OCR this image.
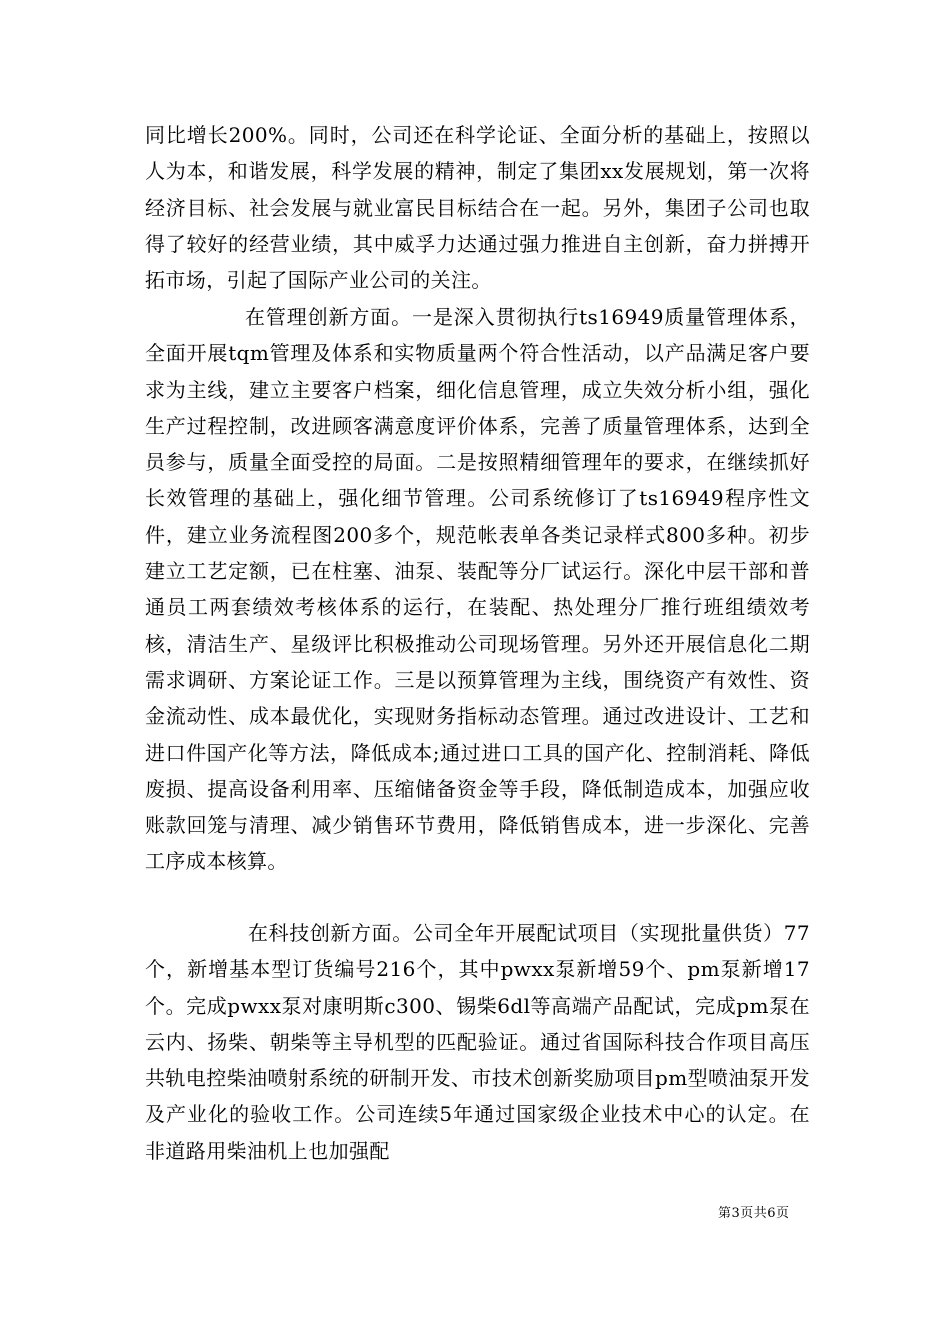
同比增长200%。同时，公司还在科学论证、全面分析的基础上，按照以人为本，和谐发展，科学发展的精神，制定了集团xx发展规划，第一次将经济目标、社会发展与就业富民目标结合在一起。另外，集团子公司也取得了较好的经营业绩，其中威孚力达通过强力推进自主创新，奋力拼搏开拓市场，引起了国际产业公司的关注。

在管理创新方面。一是深入贯彻执行ts16949质量管理体系，全面开展tqm管理及体系和实物质量两个符合性活动，以产品满足客户要求为主线，建立主要客户档案，细化信息管理，成立失效分析小组，强化生产过程控制，改进顾客满意度评价体系，完善了质量管理体系，达到全员参与，质量全面受控的局面。二是按照精细管理年的要求，在继续抓好长效管理的基础上，强化细节管理。公司系统修订了ts16949程序性文件，建立业务流程图200多个，规范帐表单各类记录样式800多种。初步建立工艺定额，已在柱塞、油泵、装配等分厂试运行。深化中层干部和普通员工两套绩效考核体系的运行，在装配、热处理分厂推行班组绩效考核，清洁生产、星级评比积极推动公司现场管理。另外还开展信息化二期需求调研、方案论证工作。三是以预算管理为主线，围绕资产有效性、资金流动性、成本最优化，实现财务指标动态管理。通过改进设计、工艺和进口件国产化等方法，降低成本;通过进口工具的国产化、控制消耗、降低废损、提高设备利用率、压缩储备资金等手段，降低制造成本，加强应收账款回笼与清理、减少销售环节费用，降低销售成本，进一步深化、完善工序成本核算。

在科技创新方面。公司全年开展配试项目（实现批量供货）77个，新增基本型订货编号216个，其中pwxx泵新增59个、pm泵新增17个。完成pwxx泵对康明斯c300、锡柴6dl等高端产品配试，完成pm泵在云内、扬柴、朝柴等主导机型的匹配验证。通过省国际科技合作项目高压共轨电控柴油喷射系统的研制开发、市技术创新奖励项目pm型喷油泵开发及产业化的验收工作。公司连续5年通过国家级企业技术中心的认定。在非道路用柴油机上也加强配

第3页共6页
